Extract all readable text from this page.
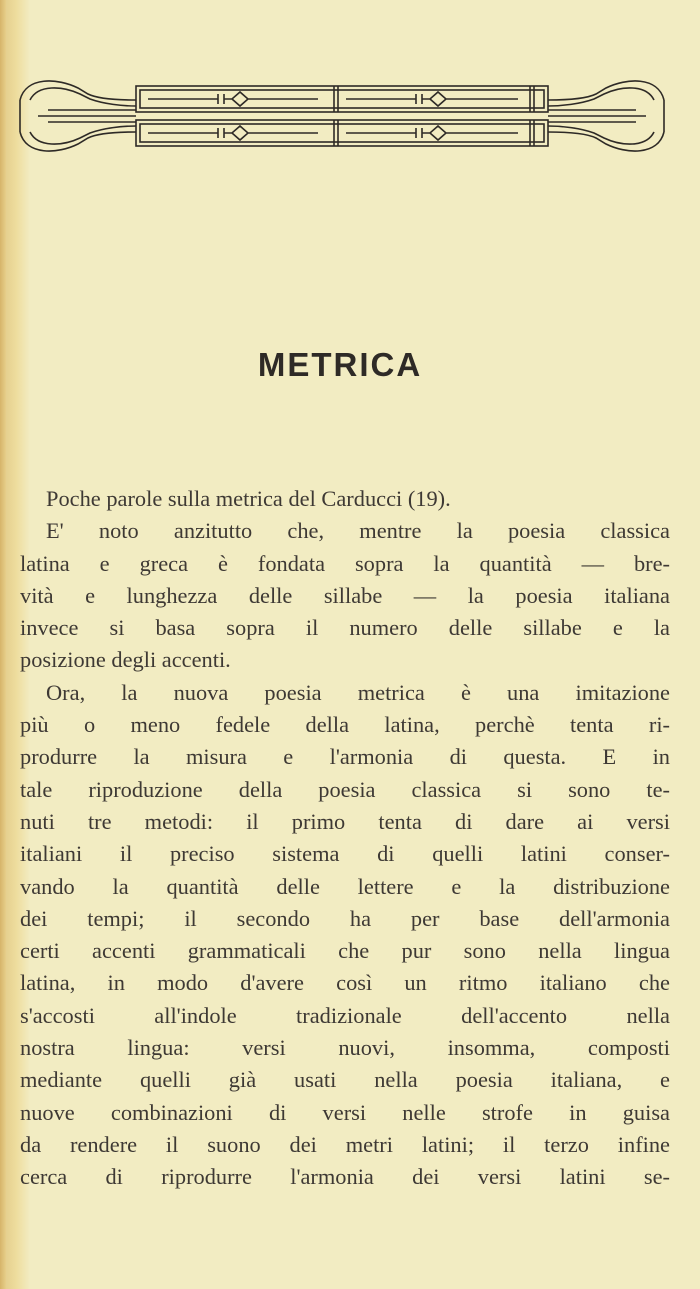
METRICA
Poche parole sulla metrica del Carducci (19).
E' noto anzitutto che, mentre la poesia classica
latina e greca è fondata sopra la quantità — bre-
vità e lunghezza delle sillabe — la poesia italiana
invece si basa sopra il numero delle sillabe e la
posizione degli accenti.
Ora, la nuova poesia metrica è una imitazione
più o meno fedele della latina, perchè tenta ri-
produrre la misura e l'armonia di questa. E in
tale riproduzione della poesia classica si sono te-
nuti tre metodi: il primo tenta di dare ai versi
italiani il preciso sistema di quelli latini conser-
vando la quantità delle lettere e la distribuzione
dei tempi; il secondo ha per base dell'armonia
certi accenti grammaticali che pur sono nella lingua
latina, in modo d'avere così un ritmo italiano che
s'accosti all'indole tradizionale dell'accento nella
nostra lingua: versi nuovi, insomma, composti
mediante quelli già usati nella poesia italiana, e
nuove combinazioni di versi nelle strofe in guisa
da rendere il suono dei metri latini; il terzo infine
cerca di riprodurre l'armonia dei versi latini se-
